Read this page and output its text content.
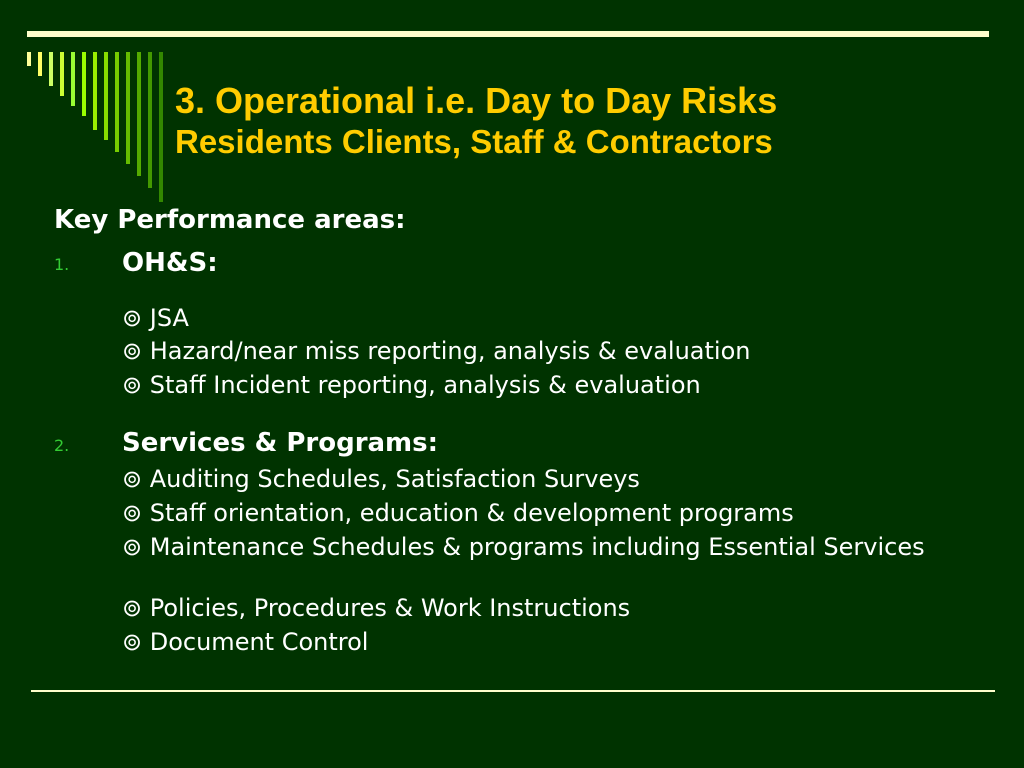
3. Operational i.e. Day to Day Risks
Residents Clients, Staff & Contractors
Key Performance areas:
1. OH&S:
⊚ JSA
⊚ Hazard/near miss reporting, analysis & evaluation
⊚ Staff Incident reporting, analysis & evaluation
2. Services & Programs:
⊚ Auditing Schedules, Satisfaction Surveys
⊚ Staff orientation, education & development programs
⊚ Maintenance Schedules & programs including Essential Services
⊚ Policies, Procedures & Work Instructions
⊚ Document Control
